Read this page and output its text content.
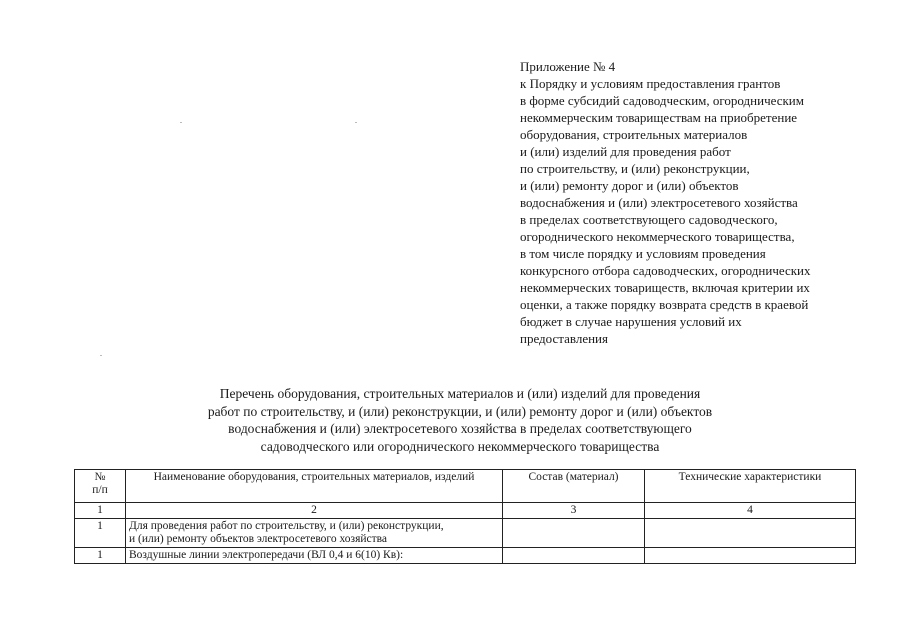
Приложение № 4
к Порядку и условиям предоставления грантов
в форме субсидий садоводческим, огородническим
некоммерческим товариществам на приобретение
оборудования, строительных материалов
и (или) изделий для проведения работ
по строительству, и (или) реконструкции,
и (или) ремонту дорог и (или) объектов
водоснабжения и (или) электросетевого хозяйства
в пределах соответствующего садоводческого,
огороднического некоммерческого товарищества,
в том числе порядку и условиям проведения
конкурсного отбора садоводческих, огороднических
некоммерческих товариществ, включая критерии их
оценки, а также порядку возврата средств в краевой
бюджет в случае нарушения условий их
предоставления
Перечень оборудования, строительных материалов и (или) изделий для проведения
работ по строительству, и (или) реконструкции, и (или) ремонту дорог и (или) объектов
водоснабжения и (или) электросетевого хозяйства в пределах соответствующего
садоводческого или огороднического некоммерческого товарищества
№
п/п	Наименование оборудования, строительных материалов, изделий	Состав (материал)	Технические характеристики
1	2	3	4
1	Для проведения работ по строительству, и (или) реконструкции,
и (или) ремонту объектов электросетевого хозяйства		

1	Воздушные линии электропередачи (ВЛ 0,4 и 6(10) Кв):		
